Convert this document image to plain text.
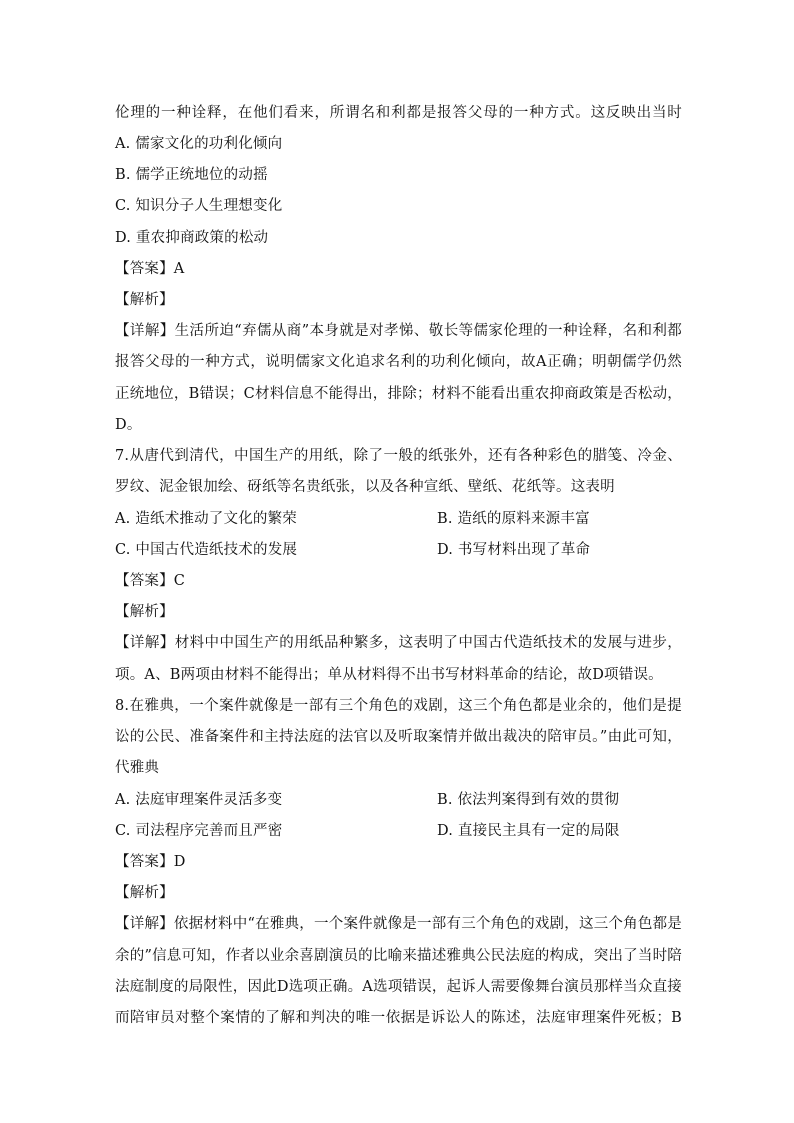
伦理的一种诠释，在他们看来，所谓名和利都是报答父母的一种方式。这反映出当时
A. 儒家文化的功利化倾向
B. 儒学正统地位的动摇
C. 知识分子人生理想变化
D. 重农抑商政策的松动
【答案】A
【解析】
【详解】生活所迫“弃儒从商”本身就是对孝悌、敬长等儒家伦理的一种诠释，名和利都
报答父母的一种方式，说明儒家文化追求名利的功利化倾向，故A正确；明朝儒学仍然
正统地位，B错误；C材料信息不能得出，排除；材料不能看出重农抑商政策是否松动，
D。
7.从唐代到清代，中国生产的用纸，除了一般的纸张外，还有各种彩色的腊笺、冷金、
罗纹、泥金银加绘、砑纸等名贵纸张，以及各种宣纸、壁纸、花纸等。这表明
A. 造纸术推动了文化的繁荣	B. 造纸的原料来源丰富
C. 中国古代造纸技术的发展	D. 书写材料出现了革命
【答案】C
【解析】
【详解】材料中中国生产的用纸品种繁多，这表明了中国古代造纸技术的发展与进步，
项。A、B两项由材料不能得出；单从材料得不出书写材料革命的结论，故D项错误。
8.在雅典，一个案件就像是一部有三个角色的戏剧，这三个角色都是业余的，他们是提
讼的公民、准备案件和主持法庭的法官以及听取案情并做出裁决的陪审员。”由此可知，
代雅典
A. 法庭审理案件灵活多变	B. 依法判案得到有效的贯彻
C. 司法程序完善而且严密	D. 直接民主具有一定的局限
【答案】D
【解析】
【详解】依据材料中“在雅典，一个案件就像是一部有三个角色的戏剧，这三个角色都是
余的”信息可知，作者以业余喜剧演员的比喻来描述雅典公民法庭的构成，突出了当时陪
法庭制度的局限性，因此D选项正确。A选项错误，起诉人需要像舞台演员那样当众直接
而陪审员对整个案情的了解和判决的唯一依据是诉讼人的陈述，法庭审理案件死板；B
